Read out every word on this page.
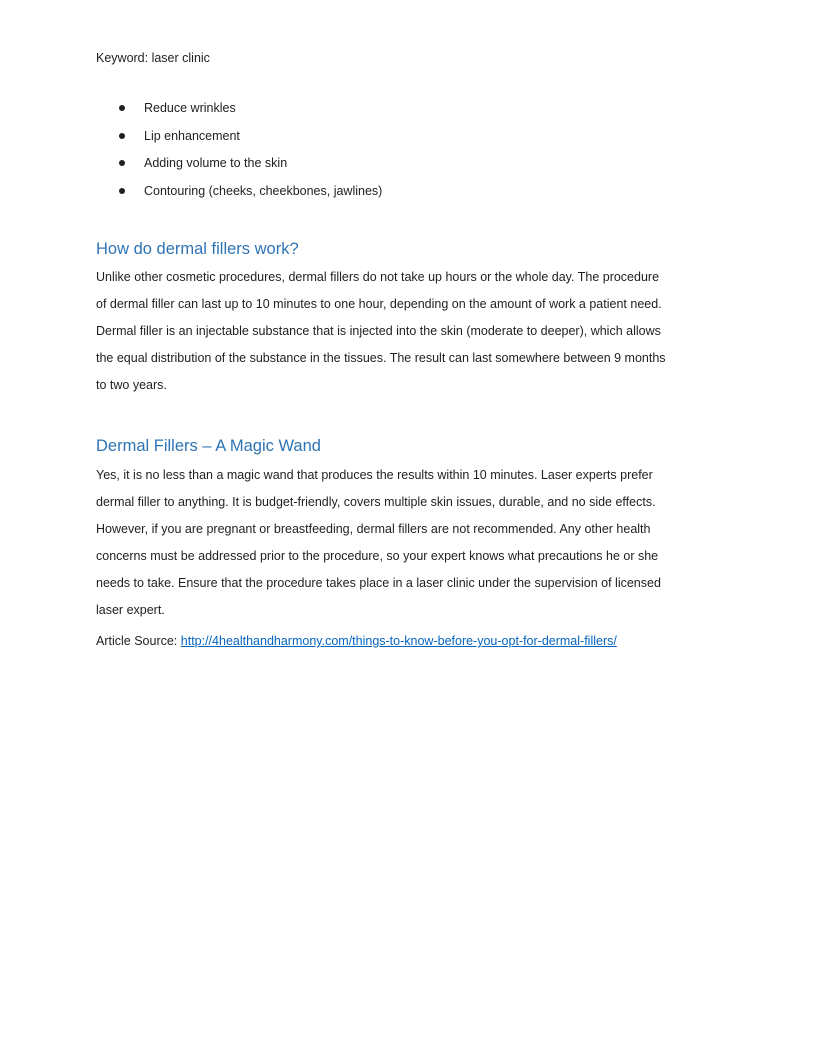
Keyword: laser clinic

Reduce wrinkles
Lip enhancement
Adding volume to the skin
Contouring (cheeks, cheekbones, jawlines)
How do dermal fillers work?

Unlike other cosmetic procedures, dermal fillers do not take up hours or the whole day. The procedure
of dermal filler can last up to 10 minutes to one hour, depending on the amount of work a patient need.
Dermal filler is an injectable substance that is injected into the skin (moderate to deeper), which allows
the equal distribution of the substance in the tissues. The result can last somewhere between 9 months
to two years.

Dermal Fillers – A Magic Wand

Yes, it is no less than a magic wand that produces the results within 10 minutes. Laser experts prefer
dermal filler to anything. It is budget-friendly, covers multiple skin issues, durable, and no side effects.
However, if you are pregnant or breastfeeding, dermal fillers are not recommended. Any other health
concerns must be addressed prior to the procedure, so your expert knows what precautions he or she
needs to take. Ensure that the procedure takes place in a laser clinic under the supervision of licensed
laser expert.

Article Source: http://4healthandharmony.com/things-to-know-before-you-opt-for-dermal-fillers/
